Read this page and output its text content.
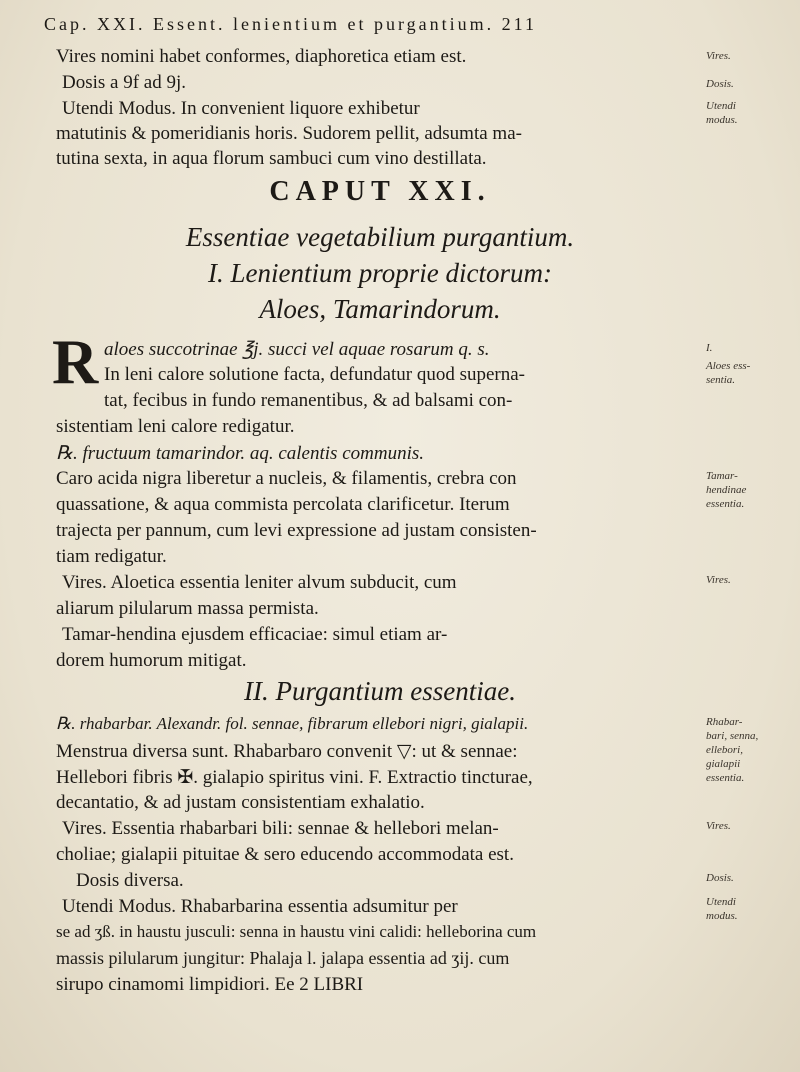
Cap. XXI. Essent. lenientium et purgantium. 211
Vires nomini habet conformes, diaphoretica etiam est.
Dosis a 9f ad 9j.
Utendi Modus. In convenient liquore exhibetur
matutinis & pomeridianis horis. Sudorem pellit, adsumta ma-
tutina sexta, in aqua florum sambuci cum vino destillata.
CAPUT XXI.
Essentiae vegetabilium purgantium.
I. Lenientium proprie dictorum:
Aloes, Tamarindorum.
R aloes succotrinae ℥j. succi vel aquae rosarum q. s.
In leni calore solutione facta, defundatur quod superna-
tat, fecibus in fundo remanentibus, & ad balsami con-
sistentiam leni calore redigatur.
℞. fructuum tamarindor. aq. calentis communis.
Caro acida nigra liberetur a nucleis, & filamentis, crebra con
quassatione, & aqua commista percolata clarificetur. Iterum
trajecta per pannum, cum levi expressione ad justam consisten-
tiam redigatur.
Vires. Aloetica essentia leniter alvum subducit, cum
aliarum pilularum massa permista.
Tamar-hendina ejusdem efficaciae: simul etiam ar-
dorem humorum mitigat.
II. Purgantium essentiae.
℞. rhabarbar. Alexandr. fol. sennae, fibrarum ellebori nigri, gialapii.
Menstrua diversa sunt. Rhabarbaro convenit ▽: ut & sennae:
Hellebori fibris ✠. gialapio spiritus vini. F. Extractio tincturae,
decantatio, & ad justam consistentiam exhalatio.
Vires. Essentia rhabarbari bili: sennae & hellebori melan-
choliae; gialapii pituitae & sero educendo accommodata est.
Dosis diversa.
Utendi Modus. Rhabarbarina essentia adsumitur per
se ad ʒß. in haustu jusculi: senna in haustu vini calidi: helleborina cum
massis pilularum jungitur: Phalaja l. jalapa essentia ad ʒij. cum
sirupo cinamomi limpidiori. Ee 2 LIBRI
Vires.
Dosis.
Utendi
modus.
I.
Aloes ess-
sentia.
Tamar-
hendinae
essentia.
Vires.
Rhabar-
bari, senna,
ellebori,
gialapii
essentia.
Vires.
Dosis.
Utendi
modus.
